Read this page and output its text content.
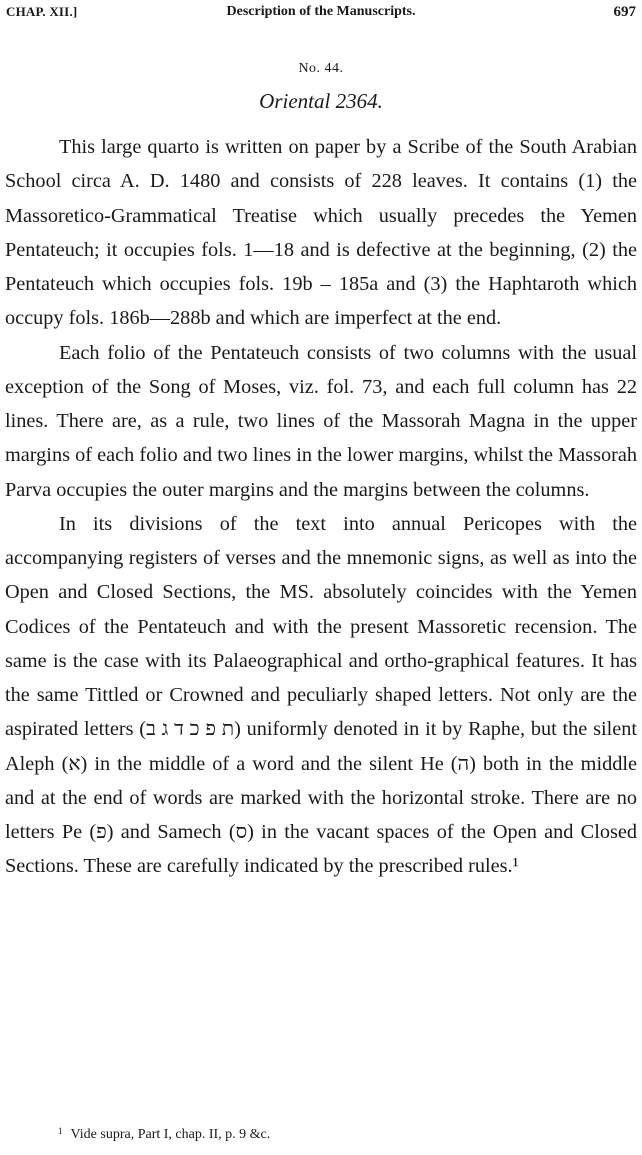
CHAP. XII.]	Description of the Manuscripts.	697
No. 44.
Oriental 2364.

This large quarto is written on paper by a Scribe of the South Arabian School circa A. D. 1480 and consists of 228 leaves. It contains (1) the Massoretico-Grammatical Treatise which usually precedes the Yemen Pentateuch; it occupies fols. 1—18 and is defective at the beginning, (2) the Pentateuch which occupies fols. 19b – 185a and (3) the Haphtaroth which occupy fols. 186b—288b and which are imperfect at the end.

Each folio of the Pentateuch consists of two columns with the usual exception of the Song of Moses, viz. fol. 73, and each full column has 22 lines. There are, as a rule, two lines of the Massorah Magna in the upper margins of each folio and two lines in the lower margins, whilst the Massorah Parva occupies the outer margins and the margins between the columns.

In its divisions of the text into annual Pericopes with the accompanying registers of verses and the mnemonic signs, as well as into the Open and Closed Sections, the MS. absolutely coincides with the Yemen Codices of the Pentateuch and with the present Massoretic recension. The same is the case with its Palaeographical and ortho-graphical features. It has the same Tittled or Crowned and peculiarly shaped letters. Not only are the aspirated letters (ת פ כ ד ג ב) uniformly denoted in it by Raphe, but the silent Aleph (א) in the middle of a word and the silent He (ה) both in the middle and at the end of words are marked with the horizontal stroke. There are no letters Pe (פ) and Samech (ס) in the vacant spaces of the Open and Closed Sections. These are carefully indicated by the prescribed rules.¹

$^1$ Vide supra, Part I, chap. II, p. 9 &c.
